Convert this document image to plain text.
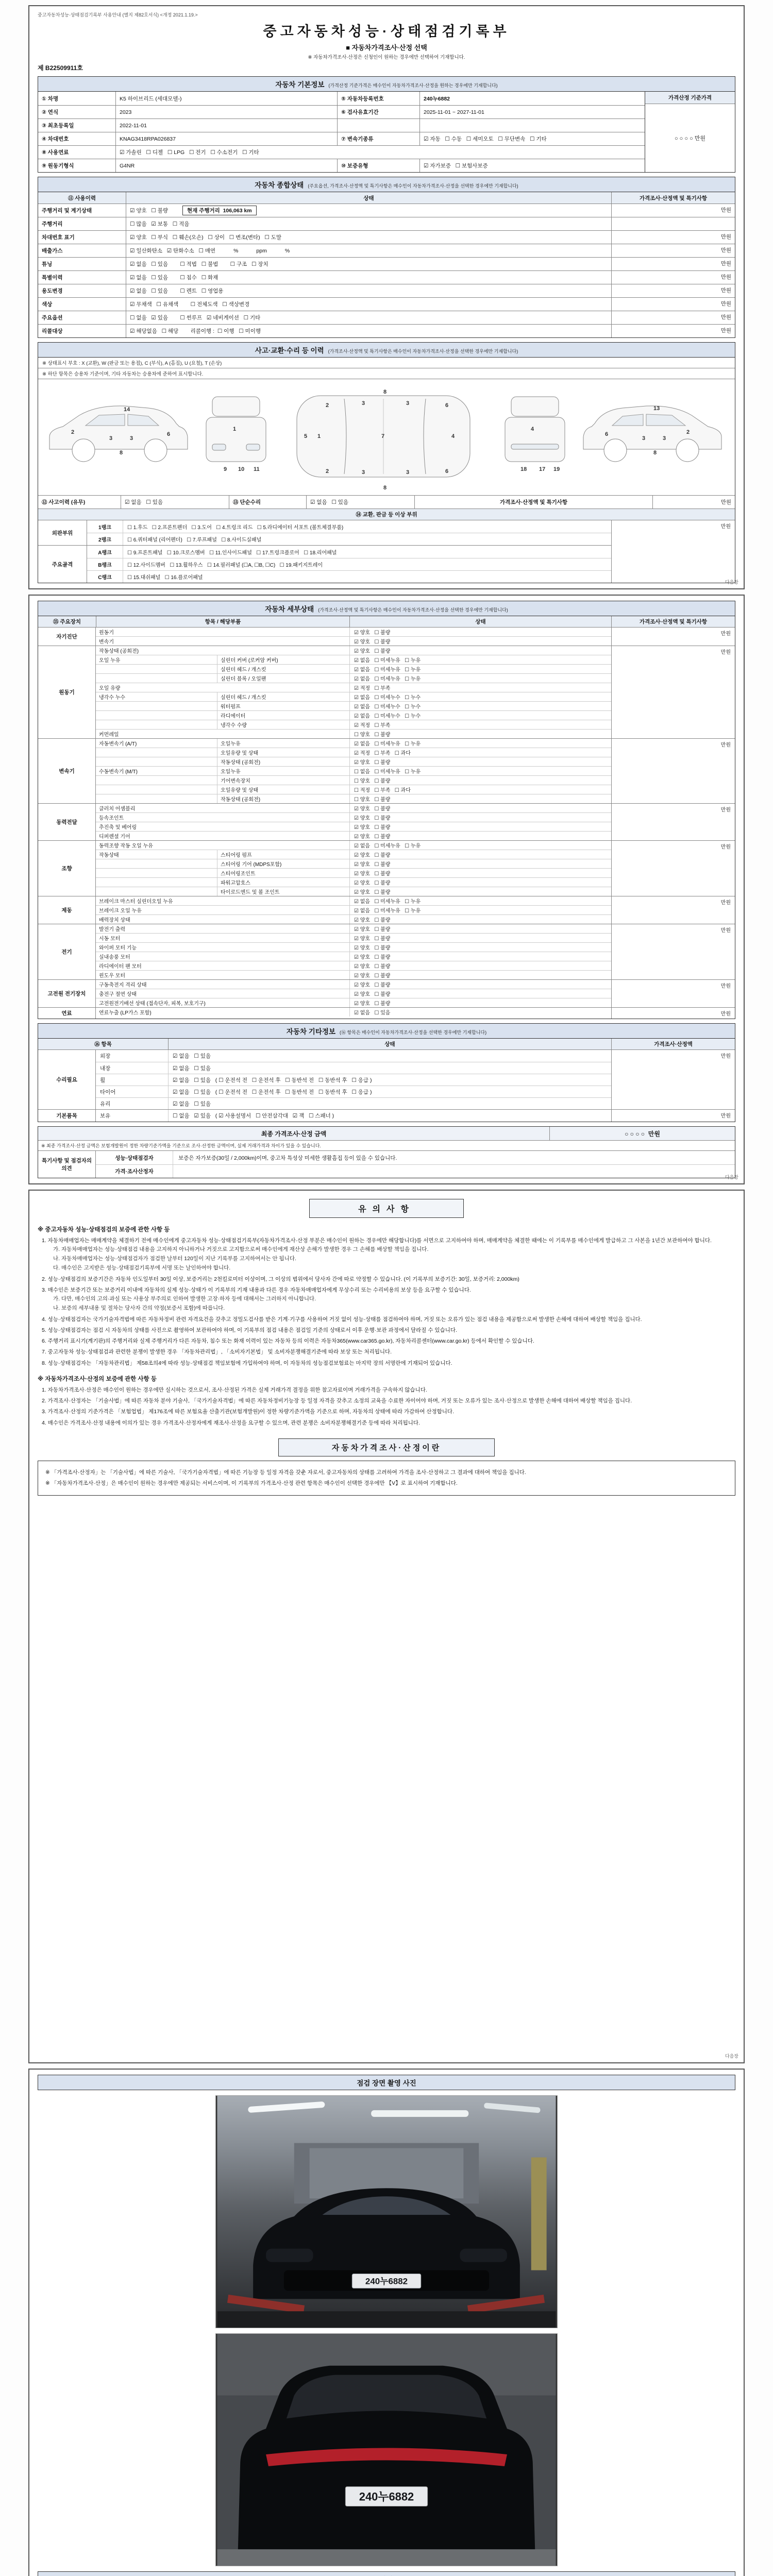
중고자동차성능·상태점검기록부 사용안내 (별지 제82호서식) <개정 2021.1.19.>
중고자동차성능·상태점검기록부
■ 자동차가격조사·산정 선택
※ 자동차가격조사·산정은 신청인이 원하는 경우에만 선택하여 기재합니다.
제 B22509911호
자동차 기본정보 (가격산정 기준가격은 매수인이 자동차가격조사·산정을 원하는 경우에만 기재합니다)
① 차명	K5 하이브리드 (세대모델-)	⑤ 자동차등록번호	240누6882
② 연식	2023	⑥ 검사유효기간	2025-11-01 ~ 2027-11-01
③ 최초등록일	2022-11-01
④ 차대번호	KNAG3418RPA026837	⑦ 변속기종류	☑ 자동   ☐ 수동   ☐ 세미오토   ☐ 무단변속   ☐ 기타
⑧ 사용연료	☑ 가솔린   ☐ 디젤   ☐ LPG   ☐ 전기   ☐ 수소전기   ☐ 기타
⑨ 원동기형식	G4NR	⑩ 보증유형	☑ 자가보증   ☐ 보험사보증
가격산정 기준가격
○ ○ ○ ○ 만원
자동차 종합상태 (주요옵션, 가격조사·산정액 및 특기사항은 매수인이 자동차가격조사·산정을 선택한 경우에만 기재합니다)
⑪ 사용이력	상태	가격조사·산정액 및 특기사항
주행거리 및 계기상태	☑ 양호   ☐ 불량	현재 주행거리  106,063 km	만원
주행거리	☐ 많음   ☑ 보통   ☐ 적음
차대번호 표기	☑ 양호   ☐ 부식   ☐ 훼손(오손)   ☐ 상이   ☐ 변조(변타)   ☐ 도말	만원
배출가스	☑ 일산화탄소   ☑ 탄화수소   ☐ 매연            %            ppm            %	만원
튜닝	☑ 없음   ☐ 있음        ☐ 적법   ☐ 불법        ☐ 구조   ☐ 장치	만원
특별이력	☑ 없음   ☐ 있음        ☐ 침수   ☐ 화재	만원
용도변경	☑ 없음   ☐ 있음        ☐ 렌트   ☐ 영업용	만원
색상	☑ 무채색   ☐ 유채색        ☐ 전체도색   ☐ 색상변경	만원
주요옵션	☐ 없음   ☑ 있음        ☐ 썬루프   ☑ 네비게이션   ☐ 기타	만원
리콜대상	☑ 해당없음   ☐ 해당        리콜이행 :  ☐ 이행   ☐ 미이행	만원
사고·교환·수리 등 이력 (가격조사·산정액 및 특기사항은 매수인이 자동차가격조사·산정을 선택한 경우에만 기재합니다)
※ 상태표시 부호 : X (교환), W (판금 또는 용접), C (부식), A (흠집), U (요철), T (손상)
※ 하단 항목은 승용차 기준이며, 기타 자동차는 승용차에 준하여 표시합니다.
3	3
6
2
14
8
1
9 10 11
1	7	4
3
3
3
3
6
6
2
2
8
8
5
4
18 17 19
3	3
6	2
13
8
⑫ 사고이력 (유무)	☑ 없음   ☐ 있음	⑬ 단순수리	☑ 없음   ☐ 있음	가격조사·산정액 및 특기사항	만원
⑭ 교환, 판금 등 이상 부위
외판부위
1랭크	☐ 1.후드   ☐ 2.프론트펜더   ☐ 3.도어   ☐ 4.트렁크 리드   ☐ 5.라디에이터 서포트 (볼트체결부품)
2랭크	☐ 6.쿼터패널 (리어펜더)   ☐ 7.루프패널   ☐ 8.사이드실패널
주요골격
A랭크	☐ 9.프론트패널   ☐ 10.크로스멤버   ☐ 11.인사이드패널   ☐ 17.트렁크플로어   ☐ 18.리어패널
B랭크	☐ 12.사이드멤버   ☐ 13.휠하우스   ☐ 14.필러패널 (☐A, ☐B, ☐C)   ☐ 19.패키지트레이
C랭크	☐ 15.대쉬패널   ☐ 16.플로어패널
만원
다음장
자동차 세부상태 (가격조사·산정액 및 특기사항은 매수인이 자동차가격조사·산정을 선택한 경우에만 기재합니다)
⑮ 주요장치	항목 / 해당부품	상태	가격조사·산정액 및 특기사항
자기진단
원동기	☑ 양호   ☐ 불량
변속기	☑ 양호   ☐ 불량
만원
원동기
작동상태 (공회전)	☑ 양호   ☐ 불량
오일 누유	실린더 커버 (로커암 커버)	☑ 없음   ☐ 미세누유   ☐ 누유
실린더 헤드 / 개스킷	☑ 없음   ☐ 미세누유   ☐ 누유
실린더 블록 / 오일팬	☑ 없음   ☐ 미세누유   ☐ 누유
오일 유량	☑ 적정   ☐ 부족
냉각수 누수	실린더 헤드 / 개스킷	☑ 없음   ☐ 미세누수   ☐ 누수
워터펌프	☑ 없음   ☐ 미세누수   ☐ 누수
라디에이터	☑ 없음   ☐ 미세누수   ☐ 누수
냉각수 수량	☑ 적정   ☐ 부족
커먼레일	☐ 양호   ☐ 불량
만원
변속기
자동변속기 (A/T)	오일누유	☑ 없음   ☐ 미세누유   ☐ 누유
오일유량 및 상태	☑ 적정   ☐ 부족   ☐ 과다
작동상태 (공회전)	☑ 양호   ☐ 불량
수동변속기 (M/T)	오일누유	☐ 없음   ☐ 미세누유   ☐ 누유
기어변속장치	☐ 양호   ☐ 불량
오일유량 및 상태	☐ 적정   ☐ 부족   ☐ 과다
작동상태 (공회전)	☐ 양호   ☐ 불량
만원
동력전달
클러치 어셈블리	☑ 양호   ☐ 불량
등속조인트	☑ 양호   ☐ 불량
추진축 및 베어링	☑ 양호   ☐ 불량
디퍼렌셜 기어	☑ 양호   ☐ 불량
만원
조향
동력조향 작동 오일 누유	☑ 없음   ☐ 미세누유   ☐ 누유
작동상태	스티어링 펌프	☑ 양호   ☐ 불량
스티어링 기어 (MDPS포함)	☑ 양호   ☐ 불량
스티어링조인트	☑ 양호   ☐ 불량
파워고압호스	☑ 양호   ☐ 불량
타이로드엔드 및 볼 조인트	☑ 양호   ☐ 불량
만원
제동
브레이크 마스터 실린더오일 누유	☑ 없음   ☐ 미세누유   ☐ 누유
브레이크 오일 누유	☑ 없음   ☐ 미세누유   ☐ 누유
배력장치 상태	☑ 양호   ☐ 불량
만원
전기
발전기 출력	☑ 양호   ☐ 불량
시동 모터	☑ 양호   ☐ 불량
와이퍼 모터 기능	☑ 양호   ☐ 불량
실내송풍 모터	☑ 양호   ☐ 불량
라디에이터 팬 모터	☑ 양호   ☐ 불량
윈도우 모터	☑ 양호   ☐ 불량
만원
고전원 전기장치
구동축전지 격리 상태	☑ 양호   ☐ 불량
충전구 절연 상태	☑ 양호   ☐ 불량
고전원전기배선 상태 (접속단자, 피복, 보호기구)	☑ 양호   ☐ 불량
만원
연료	연료누출 (LP가스 포함)	☑ 없음   ☐ 있음	만원
자동차 기타정보 (⑯ 항목은 매수인이 자동차가격조사·산정을 선택한 경우에만 기재합니다)
⑯ 항목	상태	가격조사·산정액
수리필요
외장	☑ 없음   ☐ 있음
내장	☑ 없음   ☐ 있음
휠	☑ 없음   ☐ 있음   ( ☐ 운전석 전   ☐ 운전석 후   ☐ 동반석 전   ☐ 동반석 후   ☐ 응급 )
타이어	☑ 없음   ☐ 있음   ( ☐ 운전석 전   ☐ 운전석 후   ☐ 동반석 전   ☐ 동반석 후   ☐ 응급 )
유리	☑ 없음   ☐ 있음
만원
기본품목	보유	☐ 없음   ☑ 있음   ( ☑ 사용설명서   ☐ 안전삼각대   ☑ 잭   ☐ 스패너 )	만원
최종 가격조사·산정 금액	○ ○ ○ ○  만원
※ 최종 가격조사·산정 금액은 보험개발원이 정한 차량기준가액을 기준으로 조사·산정한 금액이며, 실제 거래가격과 차이가 있을 수 있습니다.
특기사항 및 점검자의 의견
성능·상태점검자	보증은 자가보증(30일 / 2,000km)이며, 중고차 특성상 미세한 생활흠집 등이 있을 수 있습니다.
가격·조사산정자
다음장
유의사항
※ 중고자동차 성능·상태점검의 보증에 관한 사항 등
1. 자동차매매업자는 매매계약을 체결하기 전에 매수인에게 중고자동차 성능·상태점검기록부(자동차가격조사·산정 부분은 매수인이 원하는 경우에만 해당합니다)를 서면으로 고지하여야 하며, 매매계약을 체결한 때에는 이 기록부를 매수인에게 발급하고 그 사본을 1년간 보관하여야 합니다.
가. 자동차매매업자는 성능·상태점검 내용을 고지하지 아니하거나 거짓으로 고지함으로써 매수인에게 재산상 손해가 발생한 경우 그 손해를 배상할 책임을 집니다.
나. 자동차매매업자는 성능·상태점검자가 점검한 날부터 120일이 지난 기록부를 고지하여서는 안 됩니다.
다. 매수인은 고지받은 성능·상태점검기록부에 서명 또는 날인하여야 합니다.
2. 성능·상태점검의 보증기간은 자동차 인도일부터 30일 이상, 보증거리는 2천킬로미터 이상이며, 그 이상의 범위에서 당사자 간에 따로 약정할 수 있습니다. (이 기록부의 보증기간: 30일, 보증거리: 2,000km)
3. 매수인은 보증기간 또는 보증거리 이내에 자동차의 실제 성능·상태가 이 기록부의 기재 내용과 다른 경우 자동차매매업자에게 무상수리 또는 수리비용의 보상 등을 요구할 수 있습니다.
가. 다만, 매수인의 고의·과실 또는 사용상 부주의로 인하여 발생한 고장·하자 등에 대해서는 그러하지 아니합니다.
나. 보증의 세부내용 및 절차는 당사자 간의 약정(보증서 포함)에 따릅니다.
4. 성능·상태점검자는 국가기술자격법에 따른 자동차정비 관련 자격요건을 갖추고 정밀도검사를 받은 기계·기구를 사용하여 거짓 없이 성능·상태를 점검하여야 하며, 거짓 또는 오류가 있는 점검 내용을 제공함으로써 발생한 손해에 대하여 배상할 책임을 집니다.
5. 성능·상태점검자는 점검 시 자동차의 상태를 사진으로 촬영하여 보관하여야 하며, 이 기록부의 점검 내용은 점검일 기준의 상태로서 이후 운행·보관 과정에서 달라질 수 있습니다.
6. 주행거리 표시기(계기판)의 주행거리와 실제 주행거리가 다른 자동차, 침수 또는 화재 이력이 있는 자동차 등의 이력은 자동차365(www.car365.go.kr), 자동차리콜센터(www.car.go.kr) 등에서 확인할 수 있습니다.
7. 중고자동차 성능·상태점검과 관련한 분쟁이 발생한 경우 「자동차관리법」, 「소비자기본법」 및 소비자분쟁해결기준에 따라 보상 또는 처리됩니다.
8. 성능·상태점검자는 「자동차관리법」 제58조의4에 따라 성능·상태점검 책임보험에 가입하여야 하며, 이 자동차의 성능점검보험료는 마지막 장의 서명란에 기재되어 있습니다.
※ 자동차가격조사·산정의 보증에 관한 사항 등
1. 자동차가격조사·산정은 매수인이 원하는 경우에만 실시하는 것으로서, 조사·산정된 가격은 실제 거래가격 결정을 위한 참고자료이며 거래가격을 구속하지 않습니다.
2. 가격조사·산정자는 「기술사법」에 따른 자동차 분야 기술사, 「국가기술자격법」에 따른 자동차정비기능장 등 일정 자격을 갖추고 소정의 교육을 수료한 자이어야 하며, 거짓 또는 오류가 있는 조사·산정으로 발생한 손해에 대하여 배상할 책임을 집니다.
3. 가격조사·산정의 기준가격은 「보험업법」 제176조에 따른 보험요율 산출기관(보험개발원)이 정한 차량기준가액을 기준으로 하며, 자동차의 상태에 따라 가감하여 산정합니다.
4. 매수인은 가격조사·산정 내용에 이의가 있는 경우 가격조사·산정자에게 재조사·산정을 요구할 수 있으며, 관련 분쟁은 소비자분쟁해결기준 등에 따라 처리됩니다.
자동차가격조사·산정이란
※ 「가격조사·산정자」는 「기술사법」에 따른 기술사, 「국가기술자격법」에 따른 기능장 등 일정 자격을 갖춘 자로서, 중고자동차의 상태를 고려하여 가격을 조사·산정하고 그 결과에 대하여 책임을 집니다.
※ 「자동차가격조사·산정」은 매수인이 원하는 경우에만 제공되는 서비스이며, 이 기록부의 가격조사·산정 관련 항목은 매수인이 선택한 경우에만 【V】로 표시하여 기재합니다.
다음장
점검 장면 촬영 사진
240누6882
240누6882
